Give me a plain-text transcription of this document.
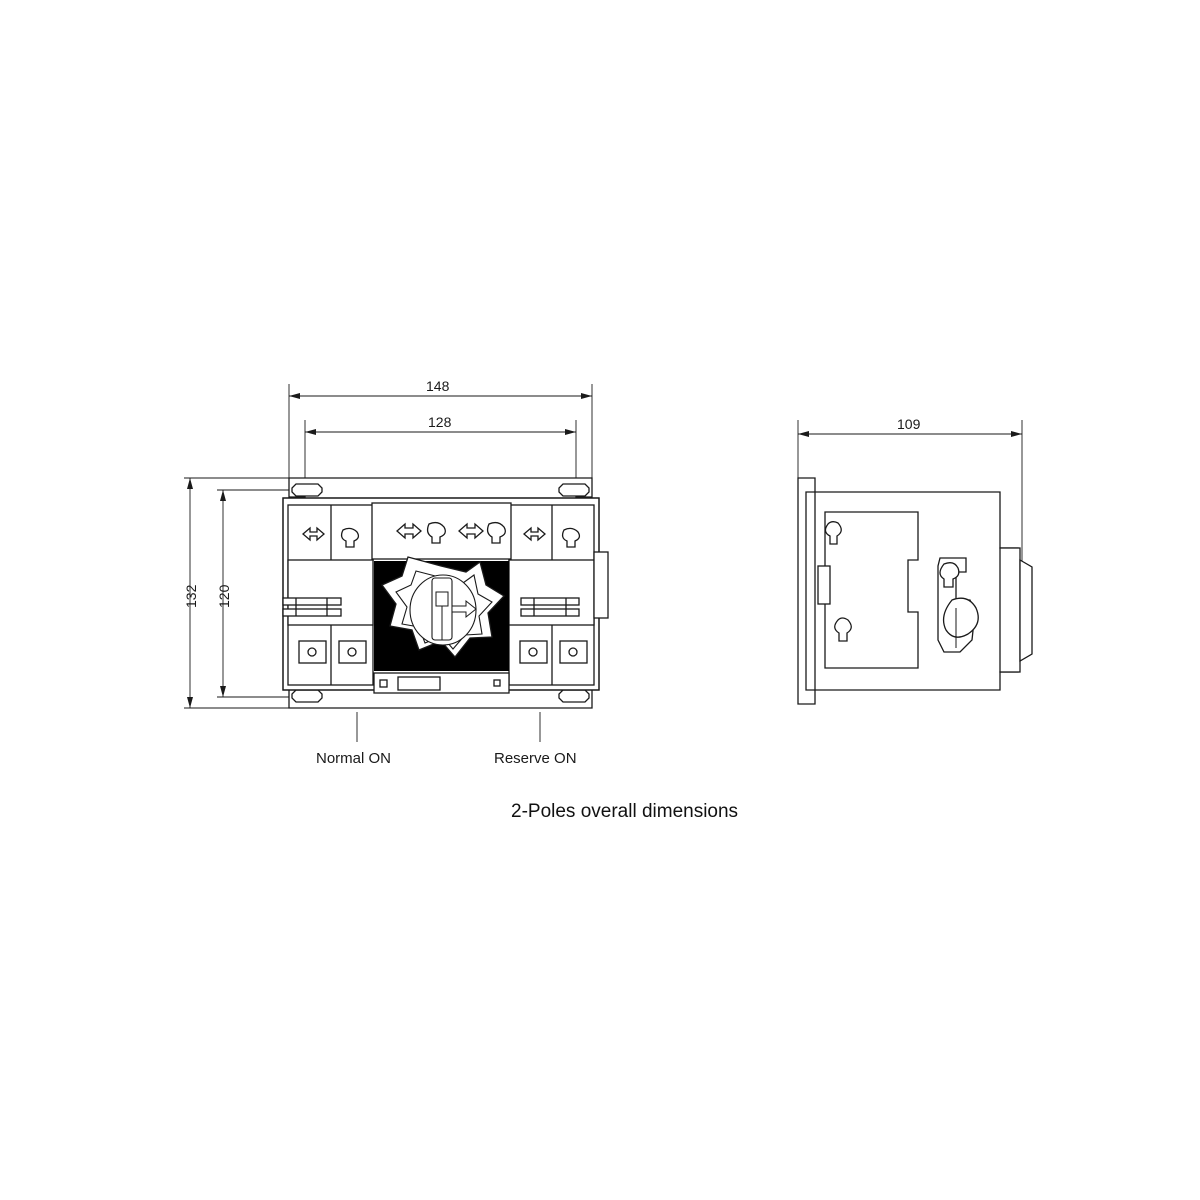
148
128
132 120
109
Normal ON	Reserve ON
2-Poles overall dimensions
